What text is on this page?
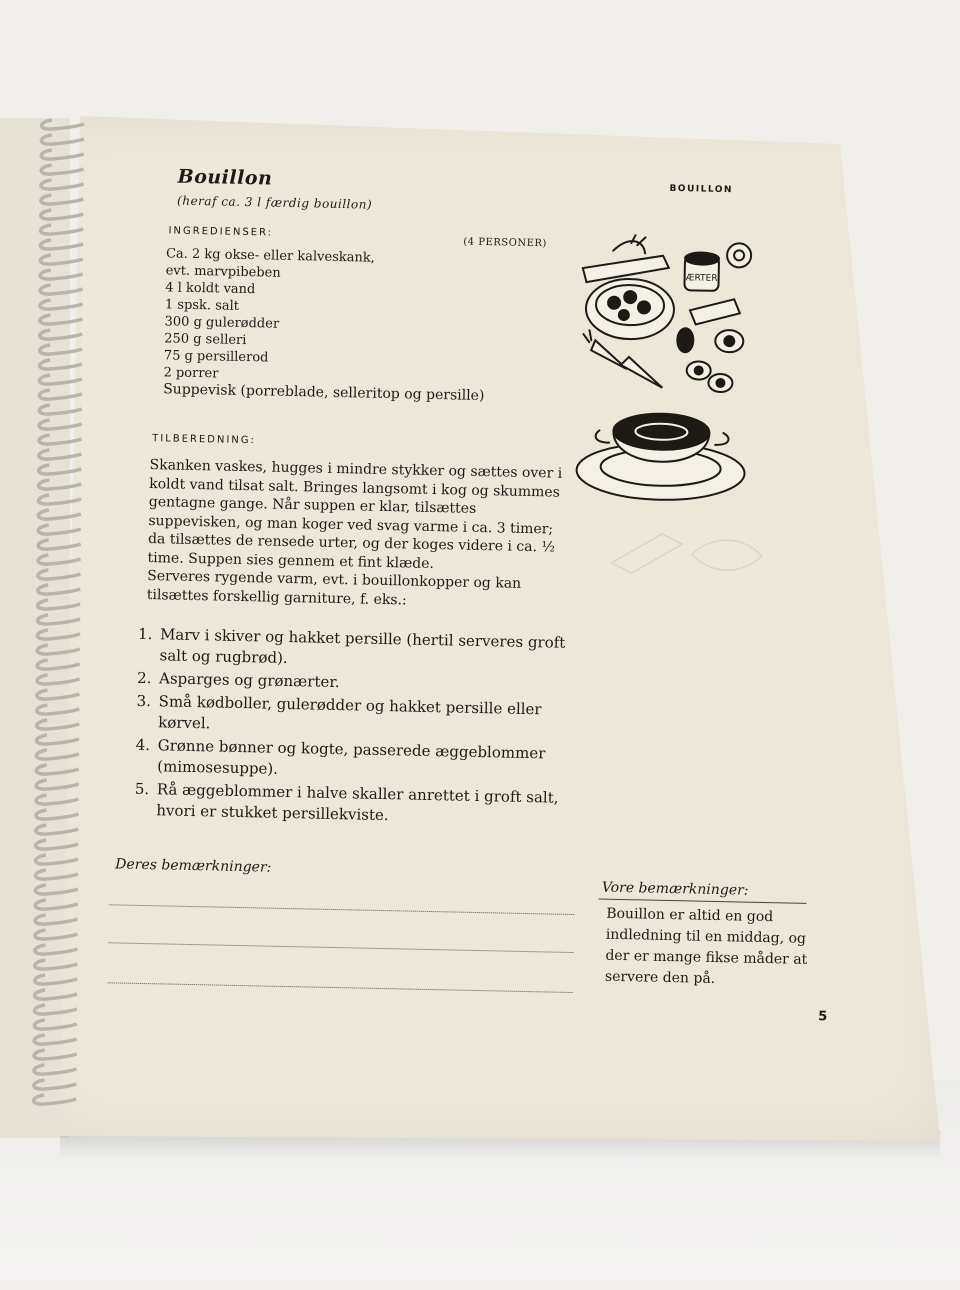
Bouillon
(heraf ca. 3 l færdig bouillon)
BOUILLON
INGREDIENSER:
(4 PERSONER)
Ca. 2 kg okse- eller kalveskank,
evt. marvpibeben
4 l koldt vand
1 spsk. salt
300 g gulerødder
250 g selleri
75 g persillerod
2 porrer
Suppevisk (porreblade, selleritop og persille)
TILBEREDNING:

Skanken vaskes, hugges i mindre stykker og sættes over i koldt vand tilsat salt. Bringes langsomt i kog og skummes gentagne gange. Når suppen er klar, tilsættes suppevisken, og man koger ved svag varme i ca. 3 timer; da tilsættes de rensede urter, og der koges videre i ca. ½ time. Suppen sies gennem et fint klæde.

Serveres rygende varm, evt. i bouillonkopper og kan tilsættes forskellig garniture, f. eks.:

1. Marv i skiver og hakket persille (hertil serveres groft salt og rugbrød).
2. Asparges og grønærter.
3. Små kødboller, gulerødder og hakket persille eller kørvel.
4. Grønne bønner og kogte, passerede æggeblommer (mimosesuppe).
5. Rå æggeblommer i halve skaller anrettet i groft salt, hvori er stukket persillekviste.
Deres bemærkninger:
Vore bemærkninger:

Bouillon er altid en god indledning til en middag, og der er mange fikse måder at servere den på.

5
ÆRTER
